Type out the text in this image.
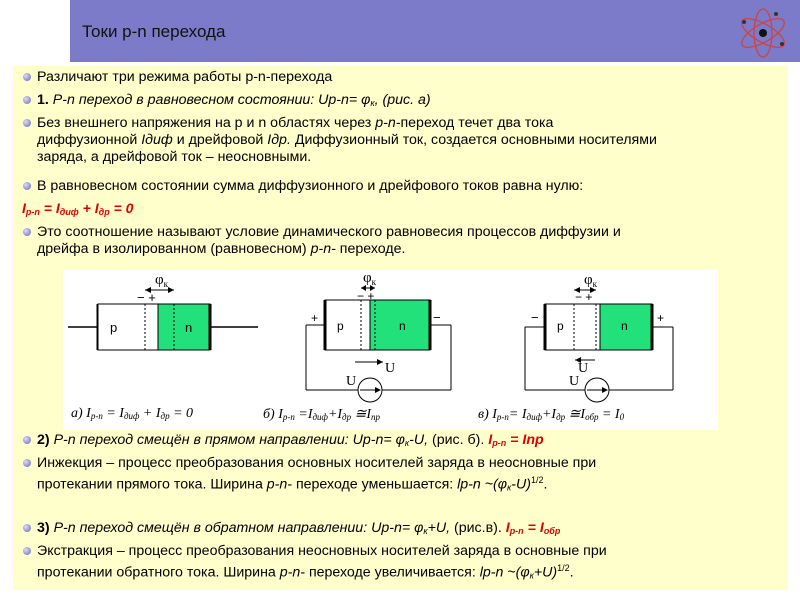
Токи р-n перехода
Различают три режима работы p-n-перехода
1. P-n переход в равновесном состоянии: $Up-n= \varphi_к$, (рис. а)
Без внешнего напряжения на р и n областях через p-n-переход течет два тока
диффузионной Iдиф и дрейфовой Iдр. Диффузионный ток, создается основными носителями
заряда, а дрейфовой ток – неосновными.
В равновесном состоянии сумма диффузионного и дрейфового токов равна нулю:
$I_{p-n} = I_{диф} + I_{др} = 0$
Это соотношение называют условие динамического равновесия процессов диффузии и
дрейфа в изолированном (равновесном) p-n- переходе.
$\varphi_к$
− +
p	n
$\varphi_к$
− +
+	−
p	n
U
U
$\varphi_к$
− +
−	+
p	n
U
U
а) $I_{p-n} = I_{диф} + I_{др} = 0$	б) $I_{p-n} =I_{диф}+I_{др}$ $≅I_{пр}$	в) $I_{p-n}= I_{диф}+I_{др}$ $≅I_{обр} = I_0$
2) P-n переход смещён в прямом направлении: $Up-n= \varphi_к-U$, (рис. б). $I_{p-n}$ = Inp
Инжекция – процесс преобразования основных носителей заряда в неосновные при
протекании прямого тока. Ширина p-n- переходе уменьшается: lp-n $\sim(\varphi_к-U)^{1/2}$.
3) P-n переход смещён в обратном направлении: $Up-n= \varphi_к+U$, (рис.в). $I_{p-n} = I_{обр}$
Экстракция – процесс преобразования неосновных носителей заряда в основные при
протекании обратного тока. Ширина p-n- переходе увеличивается: lp-n $\sim(\varphi_к+U)^{1/2}$.
